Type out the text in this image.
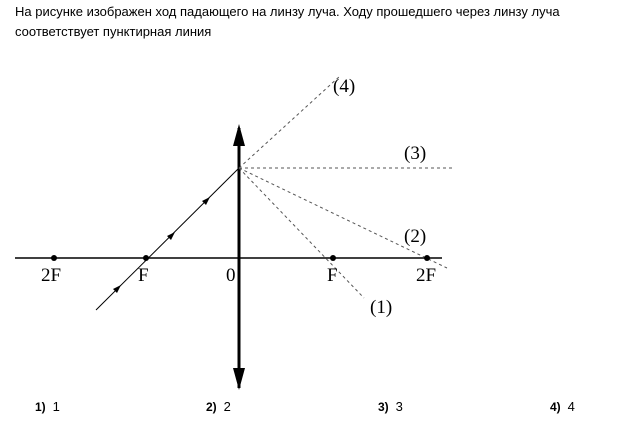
На рисунке изображен ход падающего на линзу луча. Ходу прошедшего через линзу луча соответствует пунктирная линия
2F	F	0	F	2F
(4)
(3)
(2)
(1)
1) 1	2) 2	3) 3	4) 4
